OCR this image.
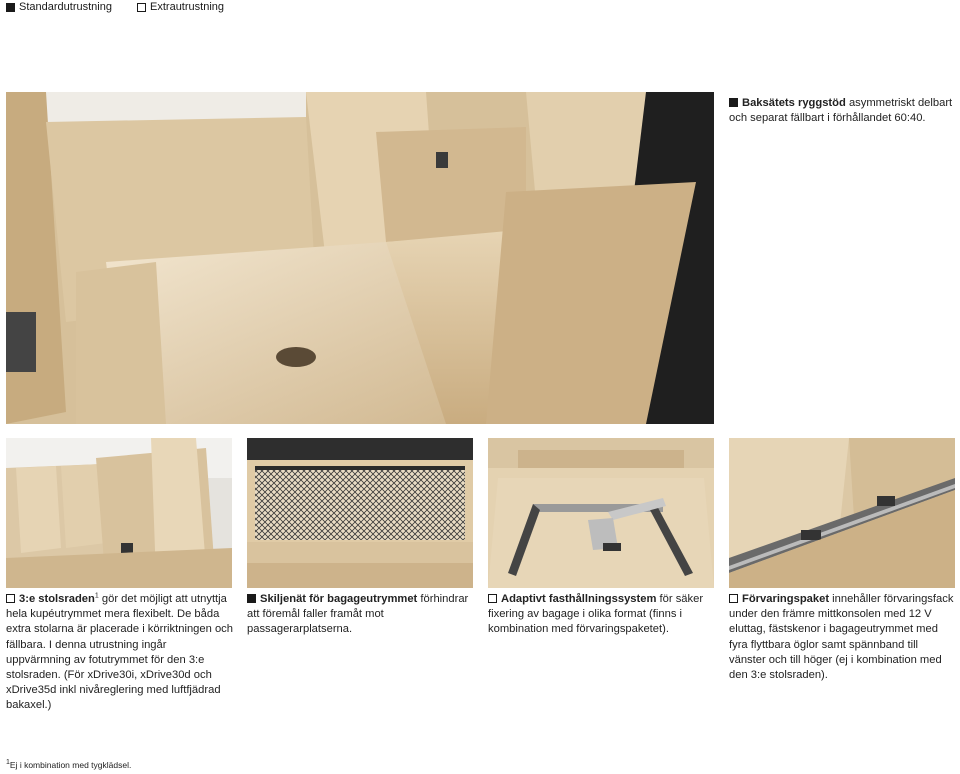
Standardutrustning	Extrautrustning
Baksätets ryggstöd asymmetriskt delbart och separat fällbart i förhållandet 60:40.
3:e stolsraden$^1$ gör det möjligt att utnyttja hela kupéutrymmet mera flexibelt. De båda extra stolarna är placerade i körriktningen och fällbara. I denna utrustning ingår uppvärmning av fotutrymmet för den 3:e stolsraden. (För xDrive30i, xDrive30d och xDrive35d inkl nivåreglering med luftfjädrad bakaxel.)
Skiljenät för bagageutrymmet förhindrar att föremål faller framåt mot passagerarplatserna.
Adaptivt fasthållningssystem för säker fixering av bagage i olika format (finns i kombination med förvaringspaketet).
Förvaringspaket innehåller förvaringsfack under den främre mittkonsolen med 12 V eluttag, fästskenor i bagageutrymmet med fyra flyttbara öglor samt spännband till vänster och till höger (ej i kombination med den 3:e stolsraden).
$^1$Ej i kombination med tygklädsel.
